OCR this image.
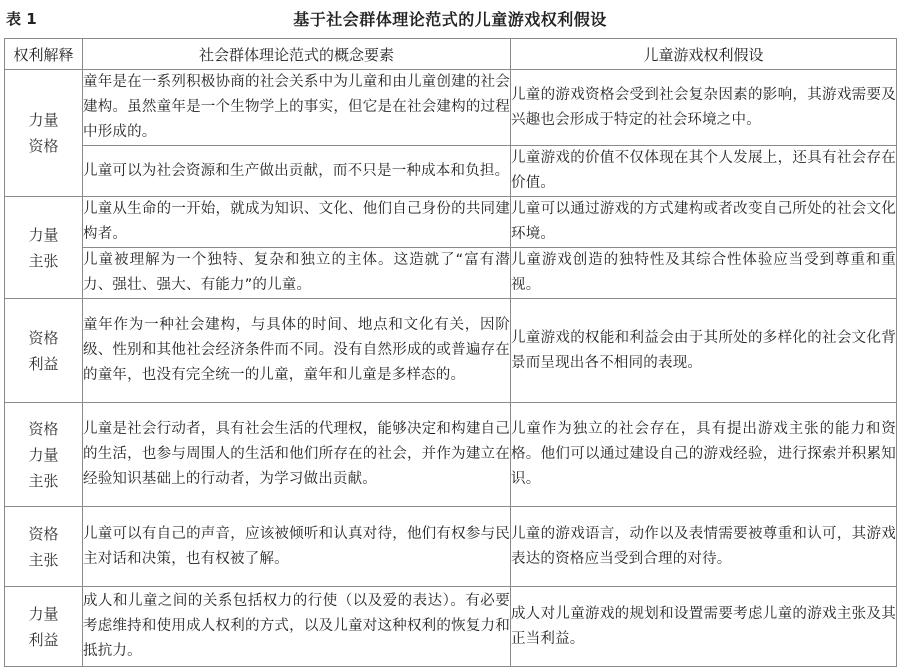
表 1	基于社会群体理论范式的儿童游戏权利假设
权利解释	社会群体理论范式的概念要素	儿童游戏权利假设

力量
资格	童年是在一系列积极协商的社会关系中为儿童和由儿童创建的社会建构。虽然童年是一个生物学上的事实，但它是在社会建构的过程中形成的。	儿童的游戏资格会受到社会复杂因素的影响，其游戏需要及兴趣也会形成于特定的社会环境之中。
	儿童可以为社会资源和生产做出贡献，而不只是一种成本和负担。	儿童游戏的价值不仅体现在其个人发展上，还具有社会存在价值。

力量
主张	儿童从生命的一开始，就成为知识、文化、他们自己身份的共同建构者。	儿童可以通过游戏的方式建构或者改变自己所处的社会文化环境。
	儿童被理解为一个独特、复杂和独立的主体。这造就了“富有潜力、强壮、强大、有能力”的儿童。	儿童游戏创造的独特性及其综合性体验应当受到尊重和重视。

资格
利益	童年作为一种社会建构，与具体的时间、地点和文化有关，因阶级、性别和其他社会经济条件而不同。没有自然形成的或普遍存在的童年，也没有完全统一的儿童，童年和儿童是多样态的。	儿童游戏的权能和利益会由于其所处的多样化的社会文化背景而呈现出各不相同的表现。

资格
力量
主张	儿童是社会行动者，具有社会生活的代理权，能够决定和构建自己的生活，也参与周围人的生活和他们所存在的社会，并作为建立在经验知识基础上的行动者，为学习做出贡献。	儿童作为独立的社会存在，具有提出游戏主张的能力和资格。他们可以通过建设自己的游戏经验，进行探索并积累知识。

资格
主张	儿童可以有自己的声音，应该被倾听和认真对待，他们有权参与民主对话和决策，也有权被了解。	儿童的游戏语言，动作以及表情需要被尊重和认可，其游戏表达的资格应当受到合理的对待。

力量
利益	成人和儿童之间的关系包括权力的行使（以及爱的表达）。有必要考虑维持和使用成人权利的方式，以及儿童对这种权利的恢复力和抵抗力。	成人对儿童游戏的规划和设置需要考虑儿童的游戏主张及其正当利益。
